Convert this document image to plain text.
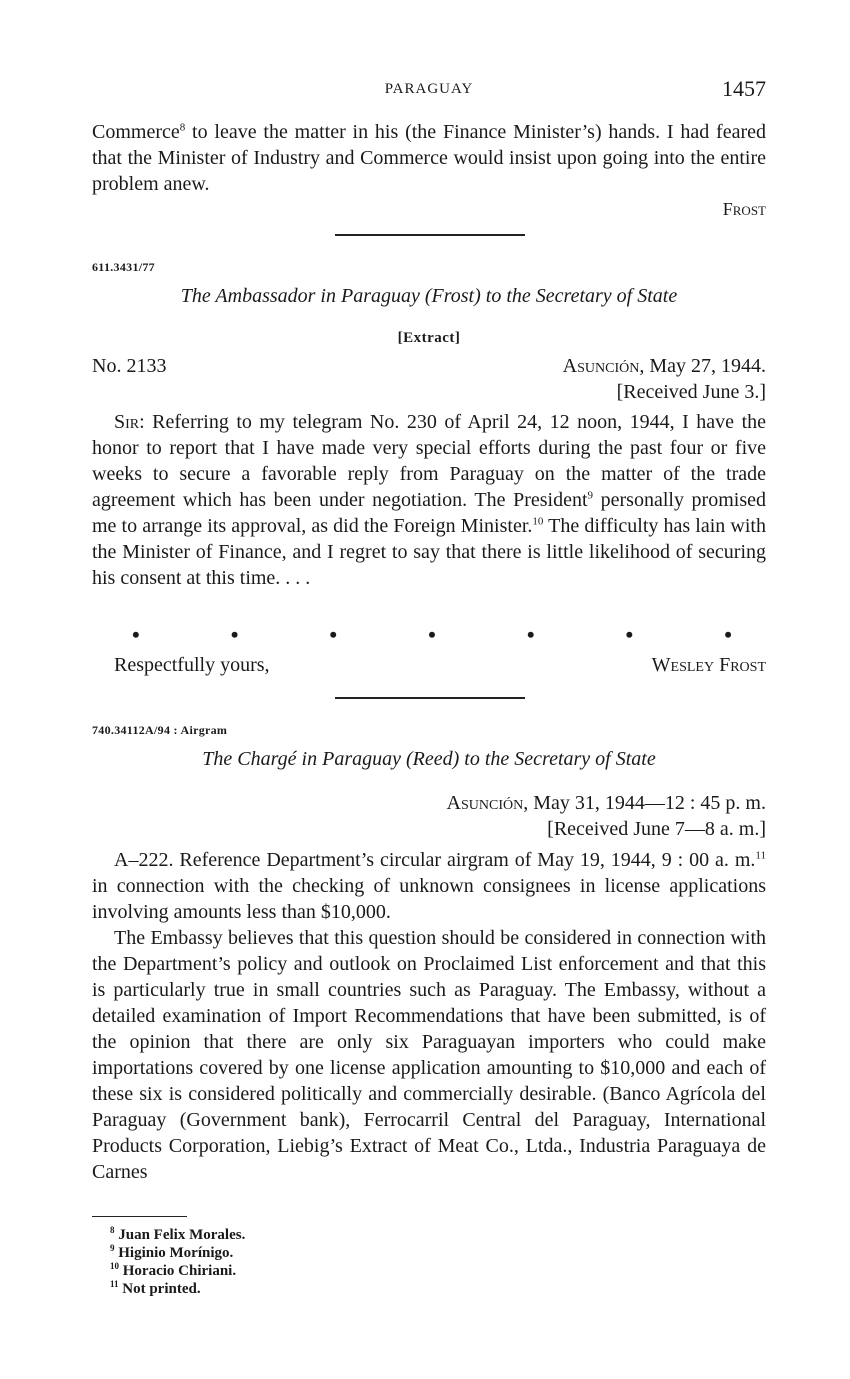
PARAGUAY	1457
Commerce$^8$ to leave the matter in his (the Finance Minister’s) hands. I had feared that the Minister of Industry and Commerce would insist upon going into the entire problem anew.
Frost
611.3431/77
The Ambassador in Paraguay (Frost) to the Secretary of State
[Extract]
No. 2133	Asunción, May 27, 1944.
[Received June 3.]
Sir: Referring to my telegram No. 230 of April 24, 12 noon, 1944, I have the honor to report that I have made very special efforts during the past four or five weeks to secure a favorable reply from Paraguay on the matter of the trade agreement which has been under negotiation. The President$^9$ personally promised me to arrange its approval, as did the Foreign Minister.$^{10}$ The difficulty has lain with the Minister of Finance, and I regret to say that there is little likelihood of securing his consent at this time. . . .
•	•	•	•	•	•	•
Respectfully yours,	Wesley Frost
740.34112A/94 : Airgram
The Chargé in Paraguay (Reed) to the Secretary of State
Asunción, May 31, 1944—12 : 45 p. m.
[Received June 7—8 a. m.]
A–222. Reference Department’s circular airgram of May 19, 1944, 9 : 00 a. m.$^{11}$ in connection with the checking of unknown consignees in license applications involving amounts less than $10,000.
The Embassy believes that this question should be considered in connection with the Department’s policy and outlook on Proclaimed List enforcement and that this is particularly true in small countries such as Paraguay. The Embassy, without a detailed examination of Import Recommendations that have been submitted, is of the opinion that there are only six Paraguayan importers who could make importations covered by one license application amounting to $10,000 and each of these six is considered politically and commercially desirable. (Banco Agrícola del Paraguay (Government bank), Ferrocarril Central del Paraguay, International Products Corporation, Liebig’s Extract of Meat Co., Ltda., Industria Paraguaya de Carnes
$^8$ Juan Felix Morales.
$^9$ Higinio Morínigo.
$^{10}$ Horacio Chiriani.
$^{11}$ Not printed.
